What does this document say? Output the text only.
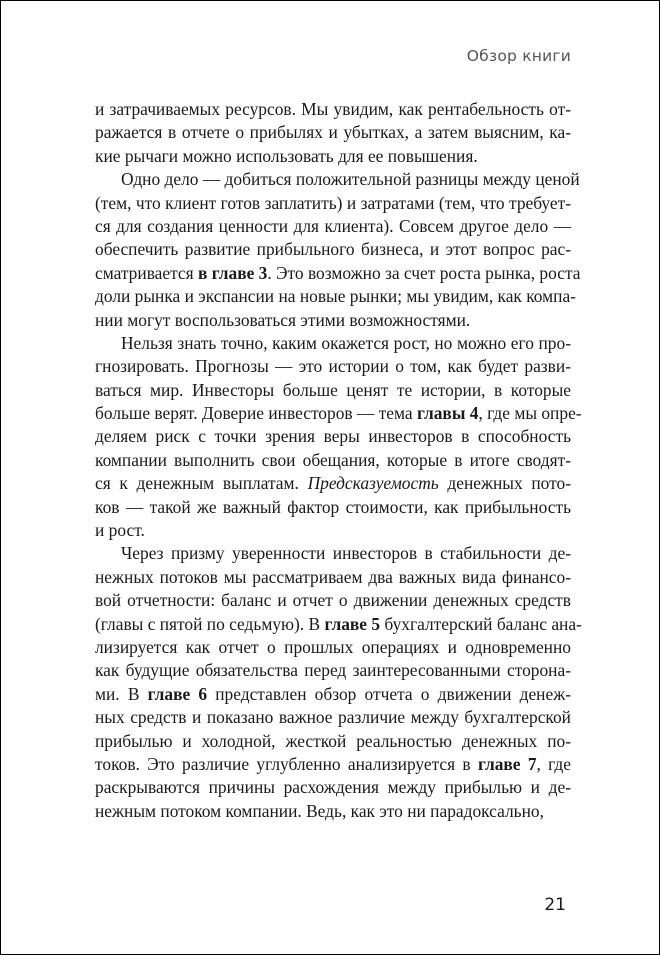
Обзор книги

и затрачиваемых ресурсов. Мы увидим, как рентабельность от-
ражается в отчете о прибылях и убытках, а затем выясним, ка-
кие рычаги можно использовать для ее повышения.

Одно дело — добиться положительной разницы между ценой
(тем, что клиент готов заплатить) и затратами (тем, что требует-
ся для создания ценности для клиента). Совсем другое дело —
обеспечить развитие прибыльного бизнеса, и этот вопрос рас-
сматривается в главе 3. Это возможно за счет роста рынка, роста
доли рынка и экспансии на новые рынки; мы увидим, как компа-
нии могут воспользоваться этими возможностями.

Нельзя знать точно, каким окажется рост, но можно его про-
гнозировать. Прогнозы — это истории о том, как будет разви-
ваться мир. Инвесторы больше ценят те истории, в которые
больше верят. Доверие инвесторов — тема главы 4, где мы опре-
деляем риск с точки зрения веры инвесторов в способность
компании выполнить свои обещания, которые в итоге сводят-
ся к денежным выплатам. Предсказуемость денежных пото-
ков — такой же важный фактор стоимости, как прибыльность
и рост.

Через призму уверенности инвесторов в стабильности де-
нежных потоков мы рассматриваем два важных вида финансо-
вой отчетности: баланс и отчет о движении денежных средств
(главы с пятой по седьмую). В главе 5 бухгалтерский баланс ана-
лизируется как отчет о прошлых операциях и одновременно
как будущие обязательства перед заинтересованными сторона-
ми. В главе 6 представлен обзор отчета о движении денеж-
ных средств и показано важное различие между бухгалтерской
прибылью и холодной, жесткой реальностью денежных по-
токов. Это различие углубленно анализируется в главе 7, где
раскрываются причины расхождения между прибылью и де-
нежным потоком компании. Ведь, как это ни парадоксально,

21
